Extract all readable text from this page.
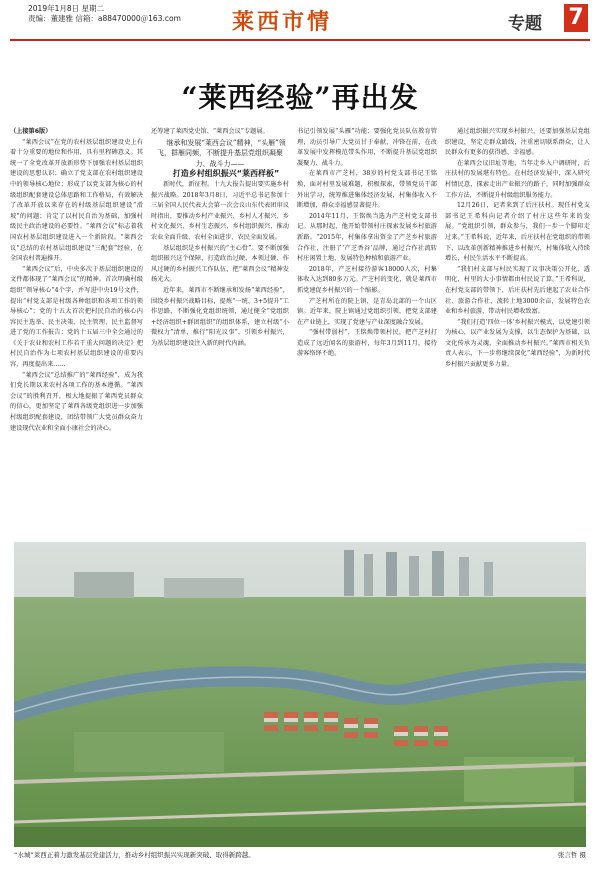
2019年1月8日 星期二
责编：董建雅 信箱：a88470000＠163.com 莱西市情	专题 7
“莱西经验”再出发

（上接第6版）

“莱西会议”在党的农村基层组织建设史上有着十分重要的地位和作用，具有里程碑意义。其统一了全党改革开放新形势下加强农村基层组织建设的思想认识；确立了党支部在农村组织建设中的领导核心地位；形成了以党支部为核心的村级组织配套建设总体思路和工作格局，有效解决了改革开放以来存在的村级基层组织建设“滑坡”的问题；肯定了以村民自治为基础，加强村级民主政治建设的必要性。“莱西会议”标志着我国农村基层组织建设进入一个新阶段。“莱西会议”总结的农村基层组织建设“三配套”经验，在全国农村普遍推开。

“莱西会议”后，中央多次于基层组织建设的文件都体现了“莱西会议”的精神。首次明确村级组织“领导核心”4个字，并写进中央19号文件，提出“村党支部是村级各种组织和各项工作的领导核心”；党的十五大首次把村民自治的核心内容民主选举、民主决策、民主管理、民主监督写进了党的工作报告；党的十五届三中全会通过的《关于农业和农村工作若干重大问题的决定》把村民自治作为七项农村基层组织建设的重要内容，再度提出来……

“莱西会议”总结推广的“莱西经验”，成为我们党长期以来农村各项工作的基本遵循。“莱西会议”的胜利召开，极大地提振了莱西党员群众的信心，更加坚定了莱西各级党组织进一步加强村级组织配套建设，团结带领广大党员群众奋力建设现代农业和全面小康社会的决心。

还筹建了莱西党史馆、“莱西会议”专题展。

继承和发展“莱西会议”精神，“头雁”领飞，群雁同频，不断提升基层党组织凝聚力、战斗力——

打造乡村组织振兴“莱西样板”

新时代，新征程。十九大报告提出要实施乡村振兴战略。2018年3月8日，习近平总书记参加十三届全国人民代表大会第一次会议山东代表团审议时指出，要推动乡村产业振兴、乡村人才振兴、乡村文化振兴、乡村生态振兴、乡村组织振兴，推动农业全面升级、农村全面进步、农民全面发展。

基层组织是乡村振兴的“主心骨”。要不断加强组织振兴这个保障，打造政治过硬、本领过硬、作风过硬的乡村振兴工作队伍，把“莱西会议”精神发扬光大。

近年来，莱西市不断继承和发扬“莱西经验”，围绕乡村振兴战略目标，提炼“一统、3+5提升”工作思路，不断强化党组织统领，通过健全“党组织+经济组织+群团组织”的组织体系，建立村级“小微权力”清单，推行“阳光议事”，引领乡村振兴，为基层组织建设注入新的时代内涵。

书记引领发展“头雁”功能；要强化党员队伍教育管理，动员引导广大党员甘于奉献、冲锋在前，在改革发展中发挥模范带头作用，不断提升基层党组织凝聚力、战斗力。

在莱西市产芝村，38岁的村党支部书记王铭焕，面对村里发展难题，积极探索，带领党员干部外出学习，统筹推进集体经济发展，村集体收入不断增加，群众幸福感显著提升。

2014年11月，王铭焕当选为产芝村党支部书记。从那时起，他开始带领村庄探索发展乡村旅游新路。“2015年，村集体拿出资金了产芝乡村旅游合作社，注册了‘产芝香谷’品牌，通过合作社流转村庄闲置土地，发展特色种植和旅游产业。

2018年，产芝村接待游客18000人次，村集体收入达到80多万元。产芝村的变化，就是莱西市抓党建促乡村振兴的一个缩影。

产芝村所在的院上镇，是青岛北部的一个山区镇。近年来，院上镇通过党组织引领，把党支部建在产业链上，实现了党建与产业深度融合发展。

“强村带弱村”，王铭焕带领村民，把产芝村打造成了远近闻名的旅游村，每年3月到11月，接待游客络绎不绝。

通过组织振兴实现乡村振兴，还要加强基层党组织建设，坚定走群众路线，注重密切联系群众，让人民群众有更多的获得感、幸福感。

在莱西会议旧址等地，当年走乡入户调研时，后庄扶村的发展堪有特色。在村经济发展中，深入研究村情民意，探索走出产业振兴的路子，同时加强群众工作方法，不断提升村级组织服务能力。

12月26日，记者来到了后庄扶村。现任村党支部书记王希科向记者介绍了村庄这些年来的发展。“党组织引领，群众参与，我们一步一个脚印走过来。”王希科说，近年来，后庄扶村在党组织的带领下，以改革创新精神推进乡村振兴，村集体收入持续增长，村民生活水平不断提高。

“我们村支部与村民实现了议事决策公开化、透明化，村里的大小事情都由村民说了算。”王希科说，在村党支部的带领下，后庄扶村先后建起了农业合作社、旅游合作社，流转土地3000余亩，发展特色农业和乡村旅游，带动村民增收致富。

“我们打造‘四位一体’乡村振兴模式，以党建引领为核心，以产业发展为支撑，以生态保护为基础，以文化传承为灵魂，全面推动乡村振兴。”莱西市相关负责人表示，下一步将继续深化“莱西经验”，为新时代乡村振兴贡献更多力量。

“水城”莱西正着力激发基层党建活力，推动乡村组织振兴实现新突破、取得新跨越。	张言哲 摄
